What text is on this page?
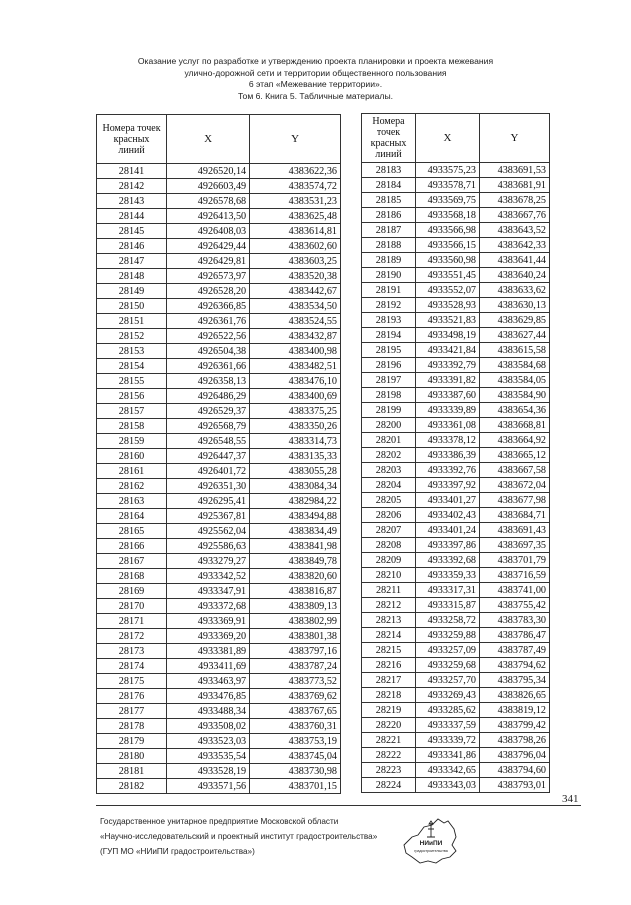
Оказание услуг по разработке и утверждению проекта планировки и проекта межевания
улично-дорожной сети и территории общественного пользования
6 этап «Межевание территории».
Том 6. Книга 5. Табличные материалы.
Номера точек красных линий	X	Y
28141	4926520,14	4383622,36
28142	4926603,49	4383574,72
28143	4926578,68	4383531,23
28144	4926413,50	4383625,48
28145	4926408,03	4383614,81
28146	4926429,44	4383602,60
28147	4926429,81	4383603,25
28148	4926573,97	4383520,38
28149	4926528,20	4383442,67
28150	4926366,85	4383534,50
28151	4926361,76	4383524,55
28152	4926522,56	4383432,87
28153	4926504,38	4383400,98
28154	4926361,66	4383482,51
28155	4926358,13	4383476,10
28156	4926486,29	4383400,69
28157	4926529,37	4383375,25
28158	4926568,79	4383350,26
28159	4926548,55	4383314,73
28160	4926447,37	4383135,33
28161	4926401,72	4383055,28
28162	4926351,30	4383084,34
28163	4926295,41	4382984,22
28164	4925367,81	4383494,88
28165	4925562,04	4383834,49
28166	4925586,63	4383841,98
28167	4933279,27	4383849,78
28168	4933342,52	4383820,60
28169	4933347,91	4383816,87
28170	4933372,68	4383809,13
28171	4933369,91	4383802,99
28172	4933369,20	4383801,38
28173	4933381,89	4383797,16
28174	4933411,69	4383787,24
28175	4933463,97	4383773,52
28176	4933476,85	4383769,62
28177	4933488,34	4383767,65
28178	4933508,02	4383760,31
28179	4933523,03	4383753,19
28180	4933535,54	4383745,04
28181	4933528,19	4383730,98
28182	4933571,56	4383701,15
Номера точек красных линий	X	Y
28183	4933575,23	4383691,53
28184	4933578,71	4383681,91
28185	4933569,75	4383678,25
28186	4933568,18	4383667,76
28187	4933566,98	4383643,52
28188	4933566,15	4383642,33
28189	4933560,98	4383641,44
28190	4933551,45	4383640,24
28191	4933552,07	4383633,62
28192	4933528,93	4383630,13
28193	4933521,83	4383629,85
28194	4933498,19	4383627,44
28195	4933421,84	4383615,58
28196	4933392,79	4383584,68
28197	4933391,82	4383584,05
28198	4933387,60	4383584,90
28199	4933339,89	4383654,36
28200	4933361,08	4383668,81
28201	4933378,12	4383664,92
28202	4933386,39	4383665,12
28203	4933392,76	4383667,58
28204	4933397,92	4383672,04
28205	4933401,27	4383677,98
28206	4933402,43	4383684,71
28207	4933401,24	4383691,43
28208	4933397,86	4383697,35
28209	4933392,68	4383701,79
28210	4933359,33	4383716,59
28211	4933317,31	4383741,00
28212	4933315,87	4383755,42
28213	4933258,72	4383783,30
28214	4933259,88	4383786,47
28215	4933257,09	4383787,49
28216	4933259,68	4383794,62
28217	4933257,70	4383795,34
28218	4933269,43	4383826,65
28219	4933285,62	4383819,12
28220	4933337,59	4383799,42
28221	4933339,72	4383798,26
28222	4933341,86	4383796,04
28223	4933342,65	4383794,60
28224	4933343,03	4383793,01
341
Государственное унитарное предприятие Московской области
«Научно-исследовательский и проектный институт градостроительства»
(ГУП МО «НИиПИ градостроительства»)
НИиПИ
градостроительства
